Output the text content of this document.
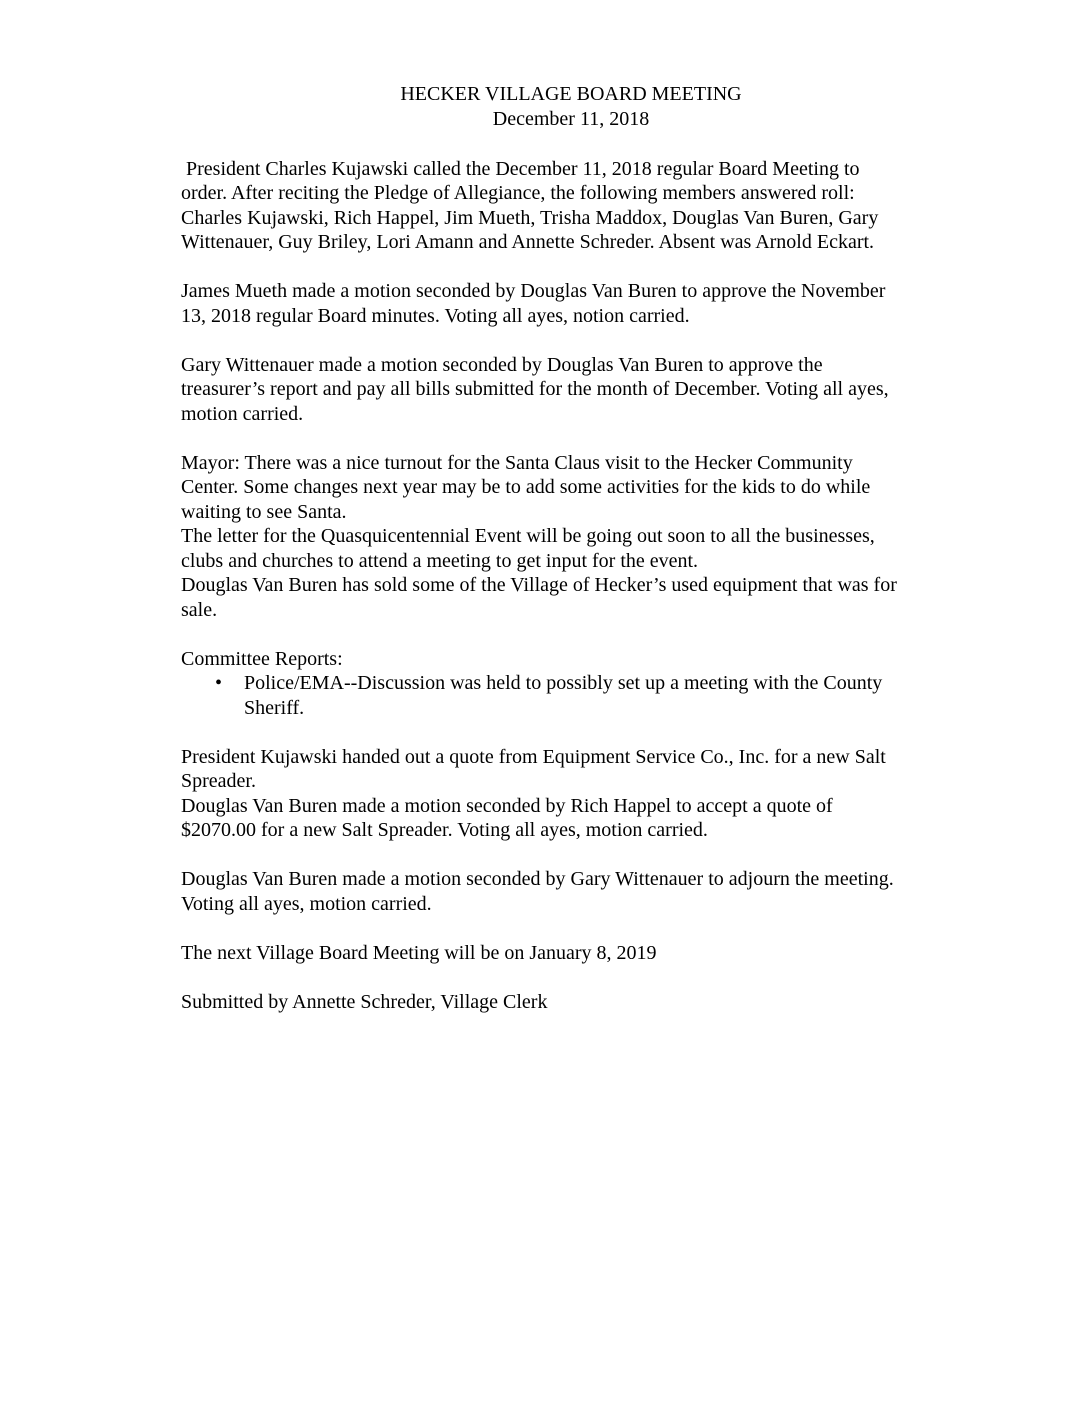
HECKER VILLAGE BOARD MEETING
December 11, 2018
President Charles Kujawski called the December 11, 2018 regular Board Meeting to
order. After reciting the Pledge of Allegiance, the following members answered roll:
Charles Kujawski, Rich Happel, Jim Mueth, Trisha Maddox, Douglas Van Buren, Gary
Wittenauer, Guy Briley, Lori Amann and Annette Schreder. Absent was Arnold Eckart.
James Mueth made a motion seconded by Douglas Van Buren to approve the November
13, 2018 regular Board minutes. Voting all ayes, notion carried.
Gary Wittenauer made a motion seconded by Douglas Van Buren to approve the
treasurer’s report and pay all bills submitted for the month of December. Voting all ayes,
motion carried.
Mayor: There was a nice turnout for the Santa Claus visit to the Hecker Community
Center. Some changes next year may be to add some activities for the kids to do while
waiting to see Santa.
The letter for the Quasquicentennial Event will be going out soon to all the businesses,
clubs and churches to attend a meeting to get input for the event.
Douglas Van Buren has sold some of the Village of Hecker’s used equipment that was for
sale.
Committee Reports:
• Police/EMA--Discussion was held to possibly set up a meeting with the County
Sheriff.
President Kujawski handed out a quote from Equipment Service Co., Inc. for a new Salt
Spreader.
Douglas Van Buren made a motion seconded by Rich Happel to accept a quote of
$2070.00 for a new Salt Spreader. Voting all ayes, motion carried.
Douglas Van Buren made a motion seconded by Gary Wittenauer to adjourn the meeting.
Voting all ayes, motion carried.
The next Village Board Meeting will be on January 8, 2019
Submitted by Annette Schreder, Village Clerk
